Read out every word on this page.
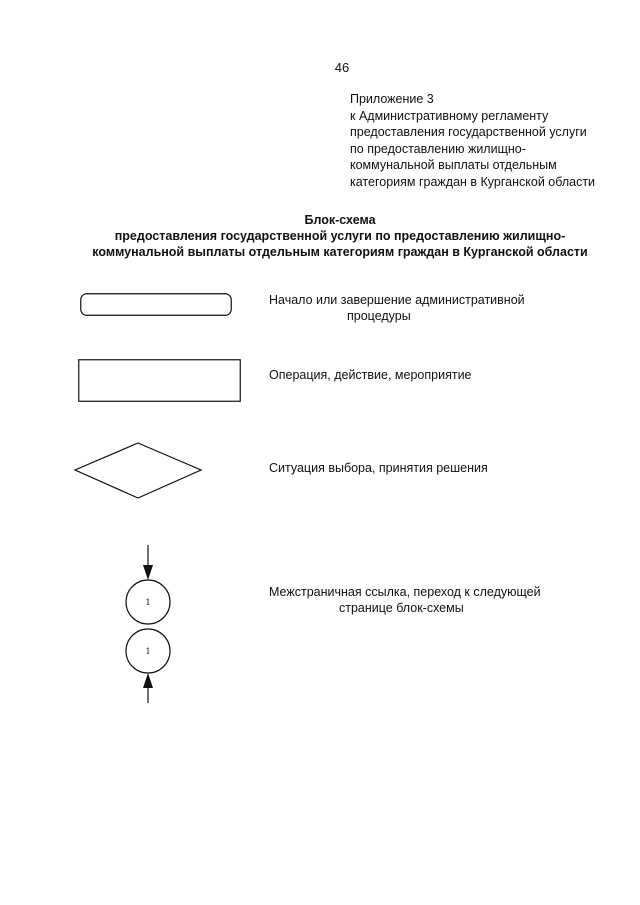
46
Приложение 3
к Административному регламенту
предоставления государственной услуги
по предоставлению жилищно-
коммунальной выплаты отдельным
категориям граждан в Курганской области
Блок-схема
предоставления государственной услуги по предоставлению жилищно-
коммунальной выплаты отдельным категориям граждан в Курганской области
Начало или завершение административной
процедуры
Операция, действие, мероприятие
Ситуация выбора, принятия решения
1
1
Межстраничная ссылка, переход к следующей
странице блок-схемы
